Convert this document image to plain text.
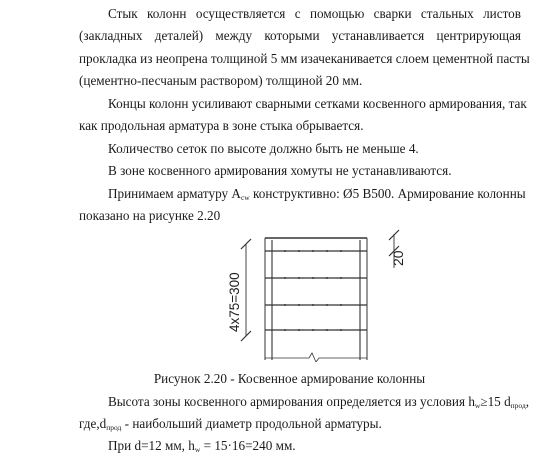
Стык колонн осуществляется с помощью сварки стальных листов
(закладных деталей) между которыми устанавливается центрирующая
прокладка из неопрена толщиной 5 мм изачеканивается слоем цементной пасты
(цементно-песчаным раствором) толщиной 20 мм.
Концы колонн усиливают сварными сетками косвенного армирования, так
как продольная арматура в зоне стыка обрывается.
Количество сеток по высоте должно быть не меньше 4.
В зоне косвенного армирования хомуты не устанавливаются.
Принимаем арматуру $А_{cw}$ конструктивно: Ø5 В500. Армирование колонны
показано на рисунке 2.20
4x75=300
20
Рисунок 2.20 - Косвенное армирование колонны
Высота зоны косвенного армирования определяется из условия $h_w\ge 15$ $d_{прод}$,
$где,d_{прод}$ - наибольший диаметр продольной арматуры.
При d=12 мм, $h_w = 15\cdot 16=240$ мм.
